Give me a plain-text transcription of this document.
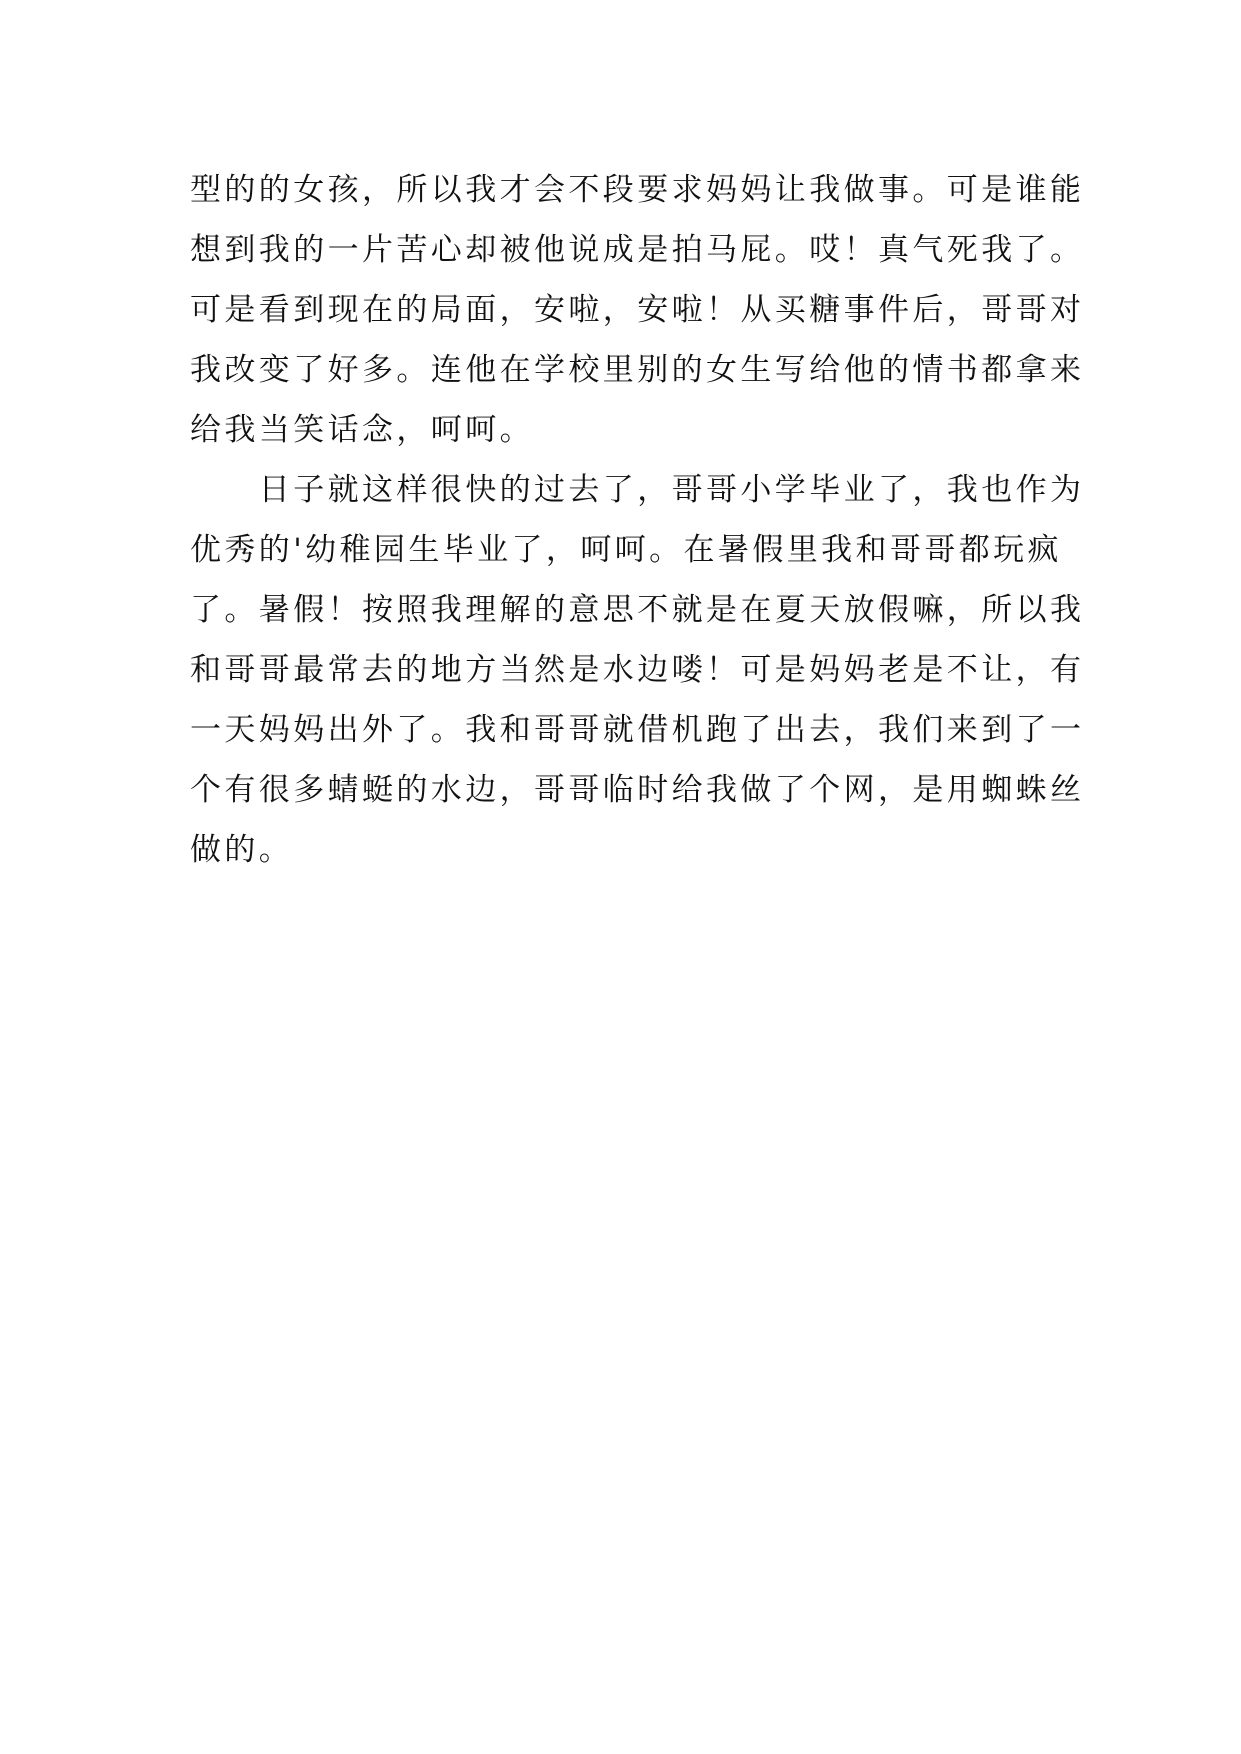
型的的女孩，所以我才会不段要求妈妈让我做事。可是谁能
想到我的一片苦心却被他说成是拍马屁。哎！真气死我了。
可是看到现在的局面，安啦，安啦！从买糖事件后，哥哥对
我改变了好多。连他在学校里别的女生写给他的情书都拿来
给我当笑话念，呵呵。
　　日子就这样很快的过去了，哥哥小学毕业了，我也作为
优秀的'幼稚园生毕业了，呵呵。在暑假里我和哥哥都玩疯
了。暑假！按照我理解的意思不就是在夏天放假嘛，所以我
和哥哥最常去的地方当然是水边喽！可是妈妈老是不让，有
一天妈妈出外了。我和哥哥就借机跑了出去，我们来到了一
个有很多蜻蜓的水边，哥哥临时给我做了个网，是用蜘蛛丝
做的。
